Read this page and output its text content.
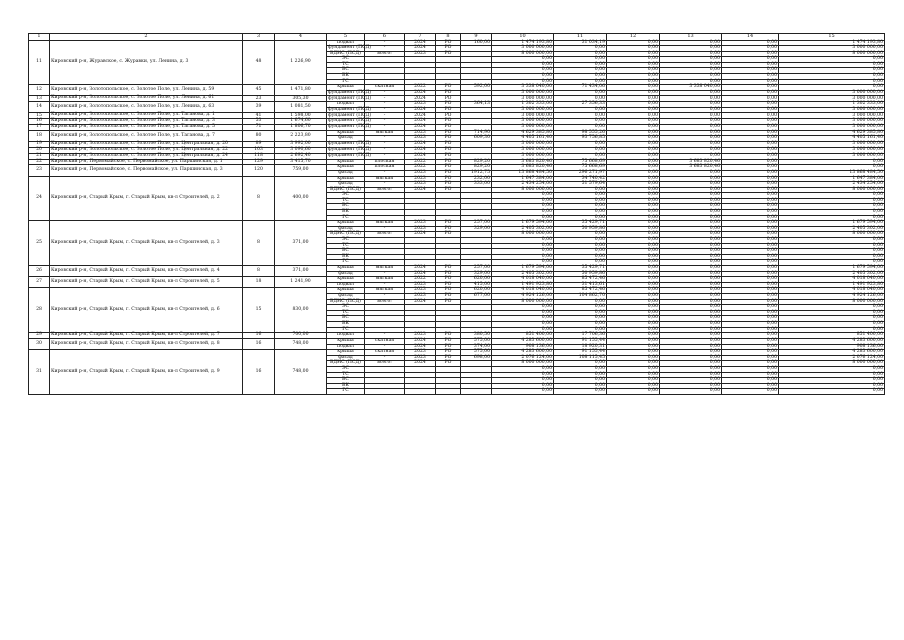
1	2	3	4	5	6	7	8	9	10	11	12	13	14	15
11	Кировский р-н, Журавское, с. Журавки, ул. Ленина, д. 3	48	1 226,90	подвал	-	2024	РО	160,00	1 474 193,80	31 034,19	0,00	0,00	0,00	1 474 193,80
				фундамент (ПСД)	-	2024	РО		3 000 000,00	0,00	0,00	0,00	0,00	3 000 000,00
				ВДИС (ПСД)	всего:	2023	РО		8 000 000,00	0,00	0,00	0,00	0,00	8 000 000,00
				ЭС					0,00	0,00	0,00	0,00	0,00	0,00
				ТС					0,00	0,00	0,00	0,00	0,00	0,00
				ВС					0,00	0,00	0,00	0,00	0,00	0,00
				ВК					0,00	0,00	0,00	0,00	0,00	0,00
				ГС					0,00	0,00	0,00	0,00	0,00	0,00
12	Кировский р-н, Золотопольское, с. Золотое Поле, ул. Ленина, д. 59	45	1 471,80	крыша	скатная	2022	РО	592,00	3 338 040,00	71 434,06	0,00	3 338 040,00	0,00	0,00
				фундамент (ПСД)	-	2024	РО		3 000 000,00	0,00	0,00	0,00	0,00	3 000 000,00
13	Кировский р-н, Золотопольское, с. Золотое Поле, ул. Ленина, д. 61	23	305,30	фундамент (ПСД)	-	2024	РО		3 000 000,00	0,00	0,00	0,00	0,00	3 000 000,00
14	Кировский р-н, Золотопольское, с. Золотое Поле, ул. Ленина, д. 63	39	1 081,50	подвал	-	2023	РО	364,13	1 302 333,00	27 356,33	0,00	0,00	0,00	1 302 333,00
				фундамент (ПСД)	-	2024	РО		3 000 000,00	0,00	0,00	0,00	0,00	3 000 000,00
15	Кировский р-н, Золотопольское, с. Золотое Поле, ул. Таганова, д. 1	41	1 598,00	фундамент (ПСД)	-	2024	РО		3 000 000,00	0,00	0,00	0,00	0,00	3 000 000,00
16	Кировский р-н, Золотопольское, с. Золотое Поле, ул. Таганова, д. 3	53	1 674,60	фундамент (ПСД)	-	2024	РО		3 000 000,00	0,00	0,00	0,00	0,00	3 000 000,00
17	Кировский р-н, Золотопольское, с. Золотое Поле, ул. Таганова, д. 5	71	1 806,70	фундамент (ПСД)	-	2024	РО		3 000 000,00	0,00	0,00	0,00	0,00	3 000 000,00
18	Кировский р-н, Золотопольское, с. Золотое Поле, ул. Таганова, д. 7	80	2 223,80	крыша	мягкая	2023	РО	714,90	4 629 385,80	98 555,26	0,00	0,00	0,00	4 629 385,80
				фасад	-	2023	РО	609,30	4 405 161,40	93 756,85	0,00	0,00	0,00	4 405 161,40
19	Кировский р-н, Золотопольское, с. Золотое Поле, ул. Центральная, д. 20	89	3 992,00	фундамент (ПСД)	-	2024	РО		3 000 000,00	0,00	0,00	0,00	0,00	3 000 000,00
20	Кировский р-н, Золотопольское, с. Золотое Поле, ул. Центральная, д. 22	103	3 090,60	фундамент (ПСД)	-	2024	РО		3 000 000,00	0,00	0,00	0,00	0,00	3 000 000,00
21	Кировский р-н, Золотопольское, с. Золотое Поле, ул. Центральная, д. 24	118	2 692,40	фундамент (ПСД)	-	2024	РО		3 000 000,00	0,00	0,00	0,00	0,00	3 000 000,00
22	Кировский р-н, Первомайское, с. Первомайское, ул. Паршинская, д. 1	129	3 415,70	крыша	плоская	2022	РО	829,20	3 683 820,46	75 668,69	0,00	3 683 820,46	0,00	0,00
23	Кировский р-н, Первомайское, с. Первомайское, ул. Паршинская, д. 3	120	759,00	крыша	плоская	2022	РО	829,20	3 683 820,46	75 668,69	0,00	3 683 820,46	0,00	0,00
				фасад	-	2023	РО	1912,75	13 868 484,50	296 271,97	0,00	0,00	0,00	13 868 484,50
24	Кировский р-н, Старый Крым, г. Старый Крым, кв-л Строителей, д. 2	8	400,00	крыша	мягкая	2023	РО	232,00	1 647 384,00	34 740,42	0,00	0,00	0,00	1 647 384,00
				фасад	-	2023	РО	333,00	2 434 254,00	51 579,64	0,00	0,00	0,00	2 434 254,00
				ВДИС (ПСД)	всего:	2024	РО		8 000 000,00	0,00	0,00	0,00	0,00	8 000 000,00
				ЭС					0,00	0,00	0,00	0,00	0,00	0,00
				ТС					0,00	0,00	0,00	0,00	0,00	0,00
				ВС					0,00	0,00	0,00	0,00	0,00	0,00
				ВК					0,00	0,00	0,00	0,00	0,00	0,00
				ГС					0,00	0,00	0,00	0,00	0,00	0,00
25	Кировский р-н, Старый Крым, г. Старый Крым, кв-л Строителей, д. 3	8	371,00	крыша	мягкая	2023	РО	257,00	1 679 594,00	35 429,71	0,00	0,00	0,00	1 679 594,00
				фасад	-	2023	РО	329,00	2 405 302,00	50 959,86	0,00	0,00	0,00	2 405 302,00
				ВДИС (ПСД)	всего:	2024	РО		8 000 000,00	0,00	0,00	0,00	0,00	8 000 000,00
				ЭС					0,00	0,00	0,00	0,00	0,00	0,00
				ТС					0,00	0,00	0,00	0,00	0,00	0,00
				ВС					0,00	0,00	0,00	0,00	0,00	0,00
				ВК					0,00	0,00	0,00	0,00	0,00	0,00
				ГС					0,00	0,00	0,00	0,00	0,00	0,00
26	Кировский р-н, Старый Крым, г. Старый Крым, кв-л Строителей, д. 4	8	371,00	крыша	мягкая	2024	РО	257,00	1 679 594,00	35 429,71	0,00	0,00	0,00	1 679 594,00
				фасад	-	2024	РО	329,00	2 405 302,00	50 959,86	0,00	0,00	0,00	2 405 302,00
27	Кировский р-н, Старый Крым, г. Старый Крым, кв-л Строителей, д. 5	18	1 241,90	крыша	мягкая	2022	РО	620,00	4 018 040,00	85 472,46	0,00	0,00	0,00	4 018 040,00
				подвал	-	2023	РО	415,00	1 491 923,80	31 413,61	0,00	0,00	0,00	1 491 923,80
28	Кировский р-н, Старый Крым, г. Старый Крым, кв-л Строителей, д. 6	15	830,00	крыша	мягкая	2023	РО	620,00	4 018 040,00	85 472,46	0,00	0,00	0,00	4 018 040,00
				фасад	-	2023	РО	677,00	4 924 126,00	104 862,70	0,00	0,00	0,00	4 924 126,00
				ВДИС (ПСД)	всего:	2024	РО		8 000 000,00	0,00	0,00	0,00	0,00	8 000 000,00
				ЭС					0,00	0,00	0,00	0,00	0,00	0,00
				ТС					0,00	0,00	0,00	0,00	0,00	0,00
				ВС					0,00	0,00	0,00	0,00	0,00	0,00
				ВК					0,00	0,00	0,00	0,00	0,00	0,00
				ГС					0,00	0,00	0,00	0,00	0,00	0,00
29	Кировский р-н, Старый Крым, г. Старый Крым, кв-л Строителей, д. 7	16	700,00	подвал	-	2023	РО	380,50	851 400,00	17 706,36	0,00	0,00	0,00	851 400,00
30	Кировский р-н, Старый Крым, г. Старый Крым, кв-л Строителей, д. 8	16	748,00	крыша	скатная	2024	РО	575,00	4 283 600,00	91 155,44	0,00	0,00	0,00	4 283 600,00
				подвал	-	2024	РО	374,00	908 136,00	18 920,31	0,00	0,00	0,00	908 136,00
31	Кировский р-н, Старый Крым, г. Старый Крым, кв-л Строителей, д. 9	16	748,00	крыша	скатная	2023	РО	575,00	4 283 600,00	91 155,44	0,00	0,00	0,00	4 283 600,00
				фасад	-	2023	РО	698,00	2 076 124,00	108 115,45	0,00	0,00	0,00	2 076 124,00
				ВДИС (ПСД)	всего:	2024	РО		8 000 000,00	0,00	0,00	0,00	0,00	8 000 000,00
				ЭС					0,00	0,00	0,00	0,00	0,00	0,00
				ТС					0,00	0,00	0,00	0,00	0,00	0,00
				ВС					0,00	0,00	0,00	0,00	0,00	0,00
				ВК					0,00	0,00	0,00	0,00	0,00	0,00
				ГС					0,00	0,00	0,00	0,00	0,00	0,00
